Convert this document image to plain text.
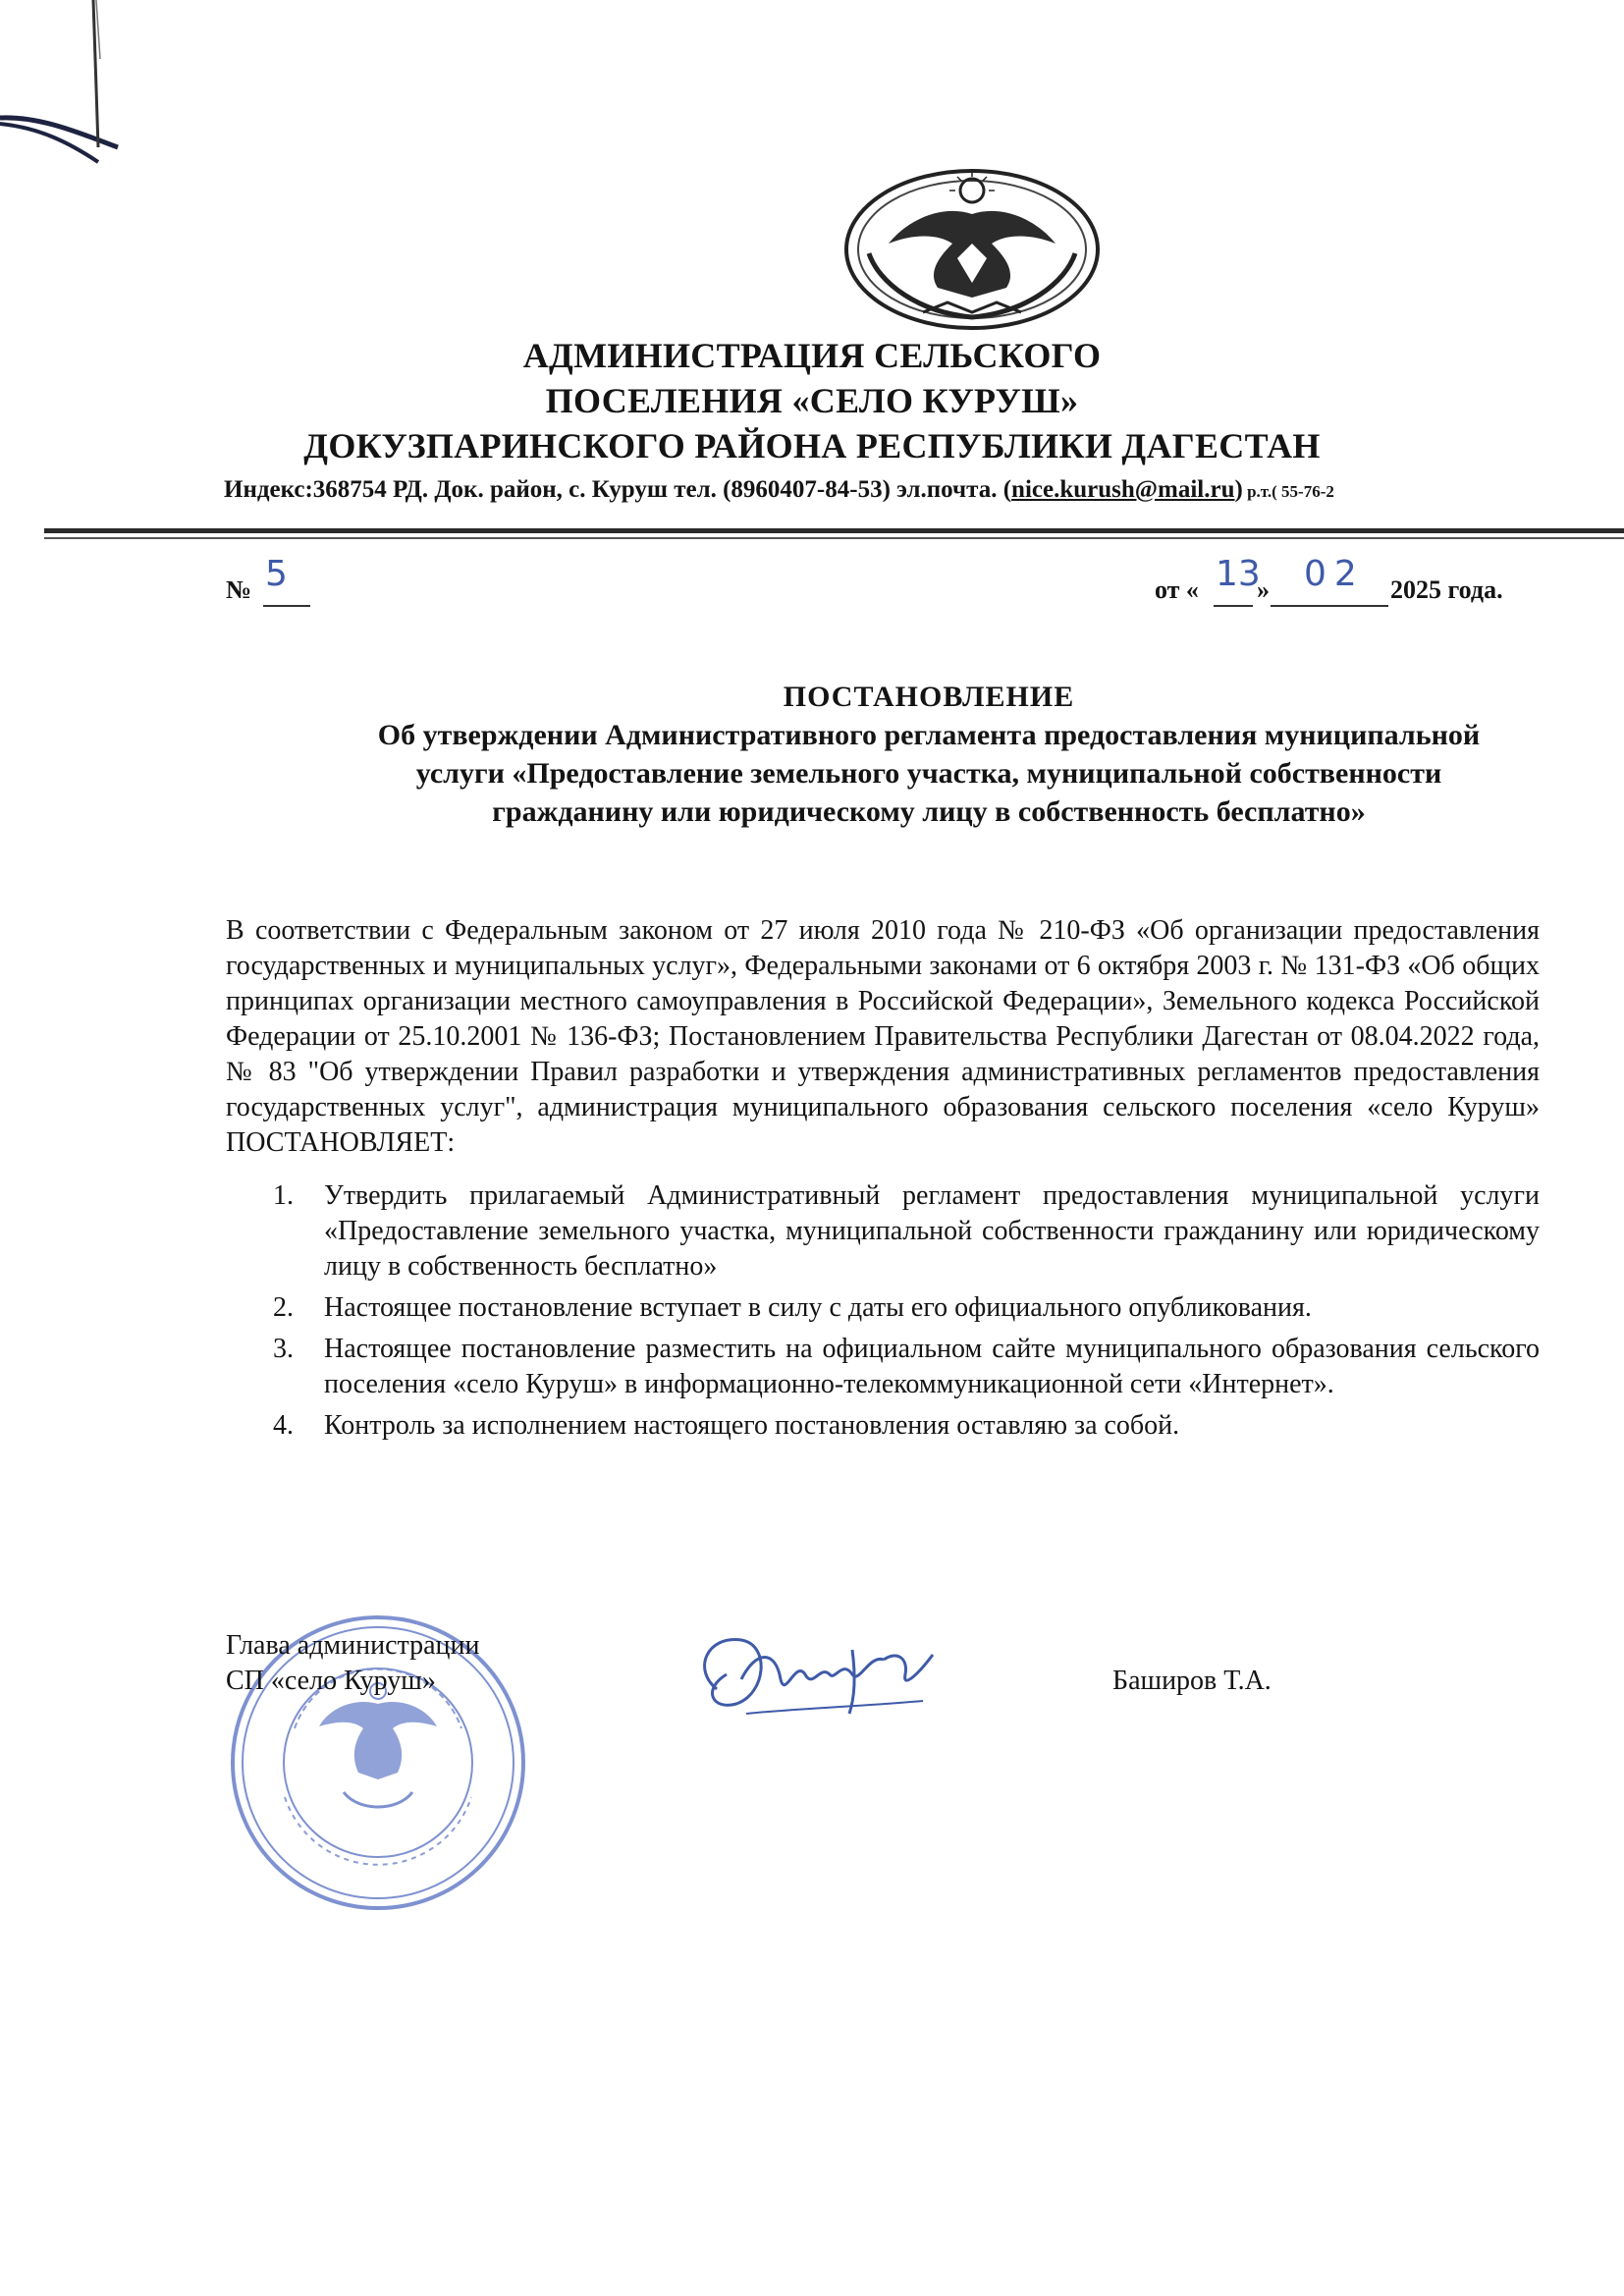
АДМИНИСТРАЦИЯ СЕЛЬСКОГО
ПОСЕЛЕНИЯ «СЕЛО КУРУШ»
ДОКУЗПАРИНСКОГО РАЙОНА РЕСПУБЛИКИ ДАГЕСТАН
Индекс:368754 РД. Док. район, с. Куруш тел. (8960407-84-53) эл.почта. (nice.kurush@mail.ru) р.т.( 55-76-2
№ 5	от « 13
» 02 2025 года.
ПОСТАНОВЛЕНИЕ
Об утверждении Административного регламента предоставления муниципальной
услуги «Предоставление земельного участка, муниципальной собственности
гражданину или юридическому лицу в собственность бесплатно»
В соответствии с Федеральным законом от 27 июля 2010 года № 210-ФЗ «Об организации предоставления государственных и муниципальных услуг», Федеральными законами от 6 октября 2003 г. № 131-ФЗ «Об общих принципах организации местного самоуправления в Российской Федерации», Земельного кодекса Российской Федерации от 25.10.2001 № 136-ФЗ; Постановлением Правительства Республики Дагестан от 08.04.2022 года, № 83 "Об утверждении Правил разработки и утверждения административных регламентов предоставления государственных услуг", администрация муниципального образования сельского поселения «село Куруш» ПОСТАНОВЛЯЕТ:
1. Утвердить прилагаемый Административный регламент предоставления муниципальной услуги «Предоставление земельного участка, муниципальной собственности гражданину или юридическому лицу в собственность бесплатно»
2. Настоящее постановление вступает в силу с даты его официального опубликования.
3. Настоящее постановление разместить на официальном сайте муниципального образования сельского поселения «село Куруш» в информационно-телекоммуникационной сети «Интернет».
4. Контроль за исполнением настоящего постановления оставляю за собой.
Глава администрации
СП «село Куруш»	Баширов Т.А.
